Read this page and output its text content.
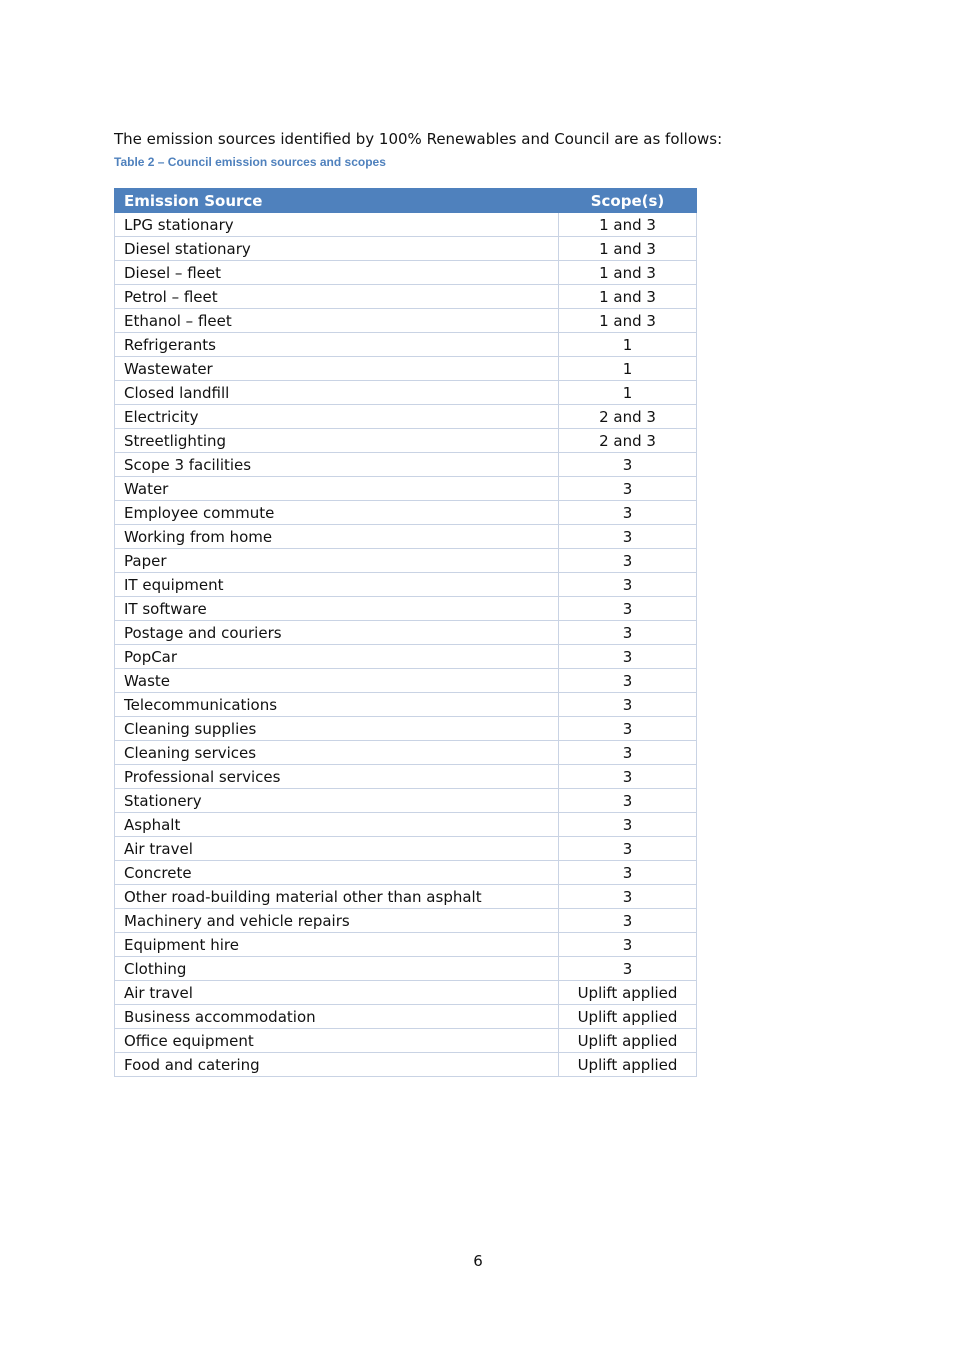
The emission sources identified by 100% Renewables and Council are as follows:

Table 2 – Council emission sources and scopes
Emission Source	Scope(s)
LPG stationary	1 and 3
Diesel stationary	1 and 3
Diesel – fleet	1 and 3
Petrol – fleet	1 and 3
Ethanol – fleet	1 and 3
Refrigerants	1
Wastewater	1
Closed landfill	1
Electricity	2 and 3
Streetlighting	2 and 3
Scope 3 facilities	3
Water	3
Employee commute	3
Working from home	3
Paper	3
IT equipment	3
IT software	3
Postage and couriers	3
PopCar	3
Waste	3
Telecommunications	3
Cleaning supplies	3
Cleaning services	3
Professional services	3
Stationery	3
Asphalt	3
Air travel	3
Concrete	3
Other road-building material other than asphalt	3
Machinery and vehicle repairs	3
Equipment hire	3
Clothing	3
Air travel	Uplift applied
Business accommodation	Uplift applied
Office equipment	Uplift applied
Food and catering	Uplift applied
6
